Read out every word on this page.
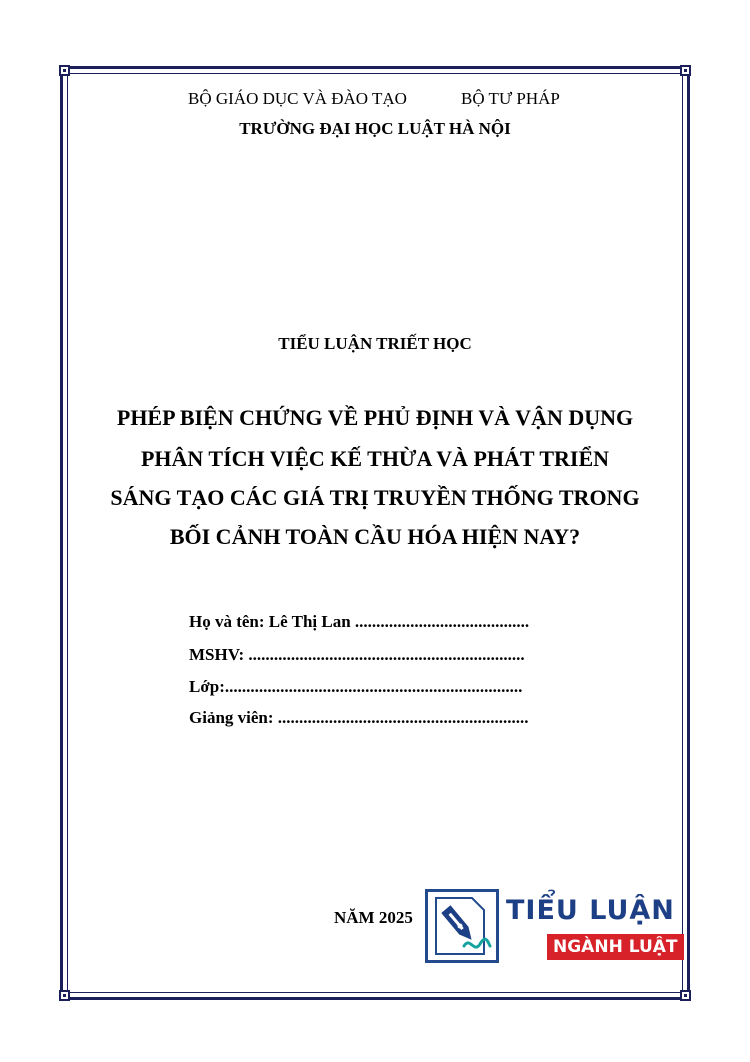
BỘ GIÁO DỤC VÀ ĐÀO TẠO	BỘ TƯ PHÁP
TRƯỜNG ĐẠI HỌC LUẬT HÀ NỘI
TIỂU LUẬN TRIẾT HỌC
PHÉP BIỆN CHỨNG VỀ PHỦ ĐỊNH VÀ VẬN DỤNG
PHÂN TÍCH VIỆC KẾ THỪA VÀ PHÁT TRIỂN
SÁNG TẠO CÁC GIÁ TRỊ TRUYỀN THỐNG TRONG
BỐI CẢNH TOÀN CẦU HÓA HIỆN NAY?
Họ và tên: Lê Thị Lan .........................................
MSHV: .................................................................
Lớp:......................................................................
Giảng viên: ...........................................................
NĂM 2025	TIỂU LUẬN
NGÀNH LUẬT
